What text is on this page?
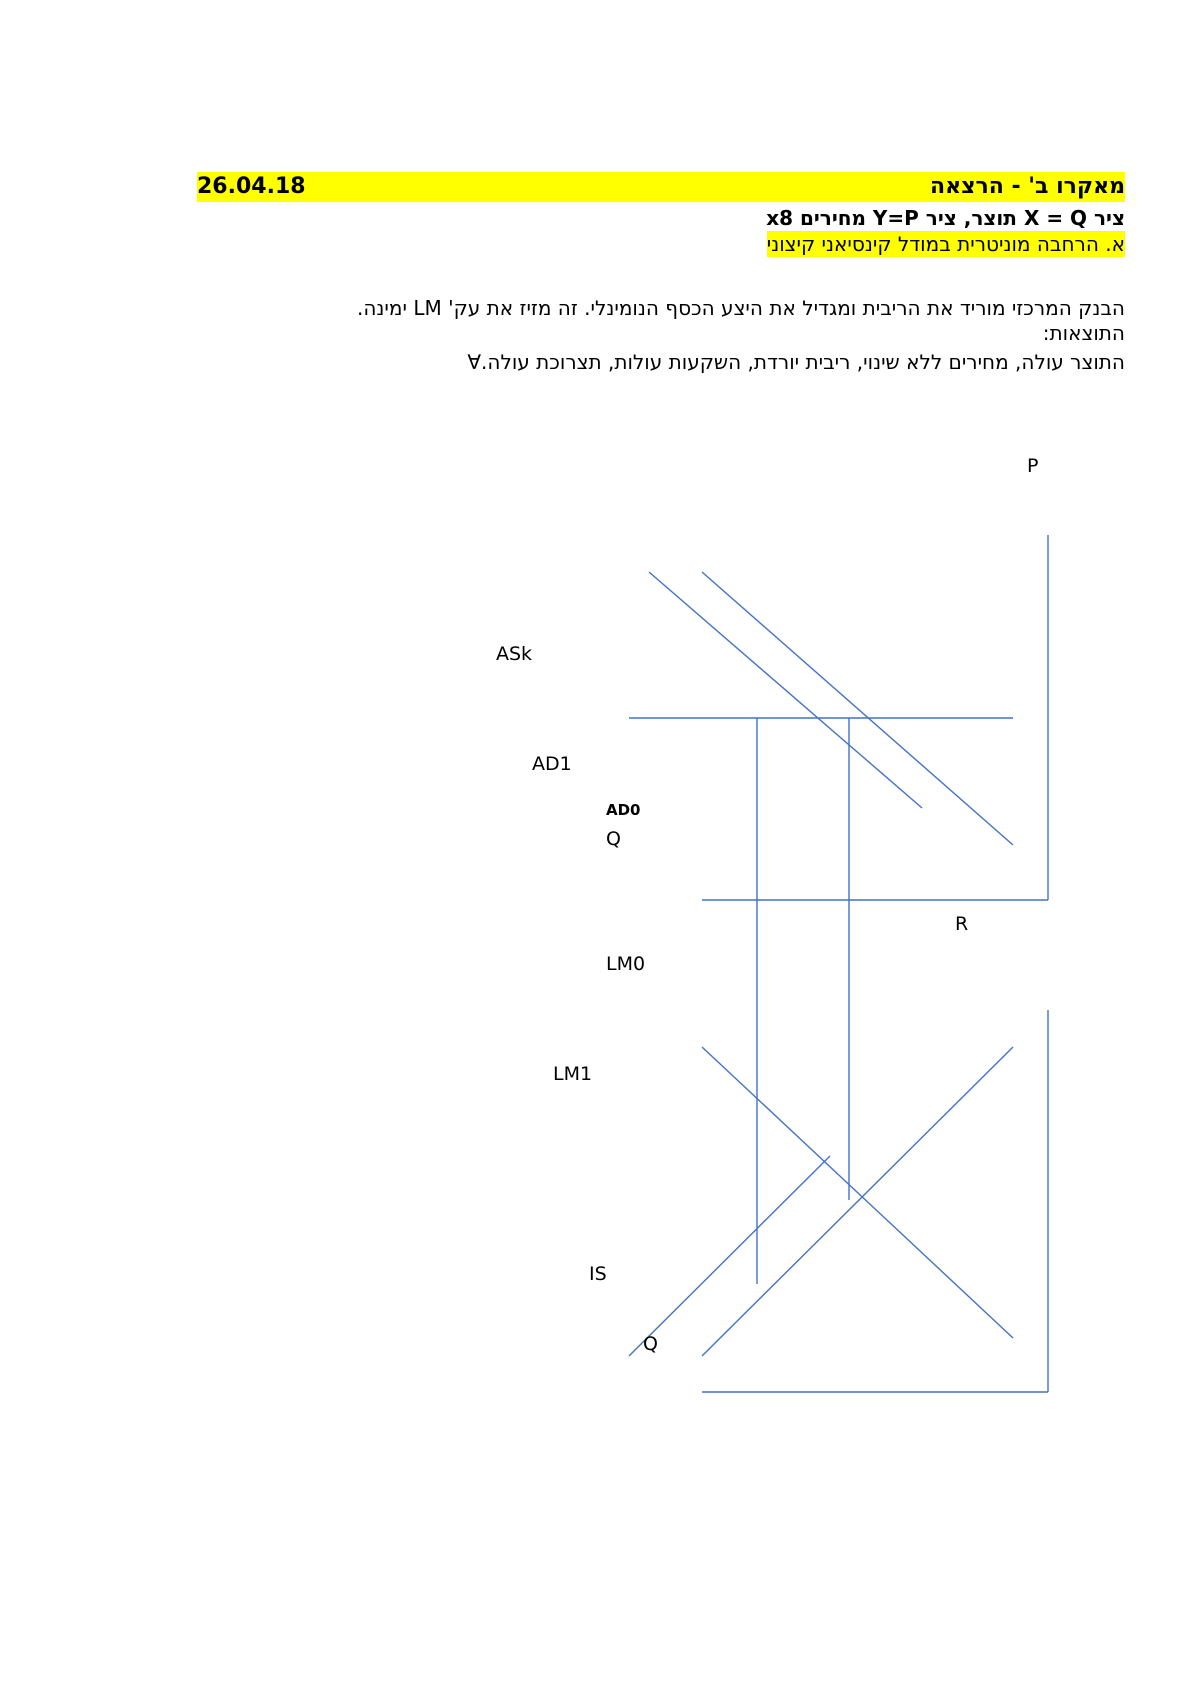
26.04.18	מאקרו ב' - הרצאה
ציר X = Q תוצר, ציר Y=P מחירים x8
א. הרחבה מוניטרית במודל קינסיאני קיצוני
הבנק המרכזי מוריד את הריבית ומגדיל את היצע הכסף הנומינלי. זה מזיז את עק' LM ימינה.
התוצאות:
התוצר עולה, מחירים ללא שינוי, ריבית יורדת, השקעות עולות, תצרוכת עולה.∀
P
ASk
AD1
AD0
Q
R
LM0
LM1
IS
Q
